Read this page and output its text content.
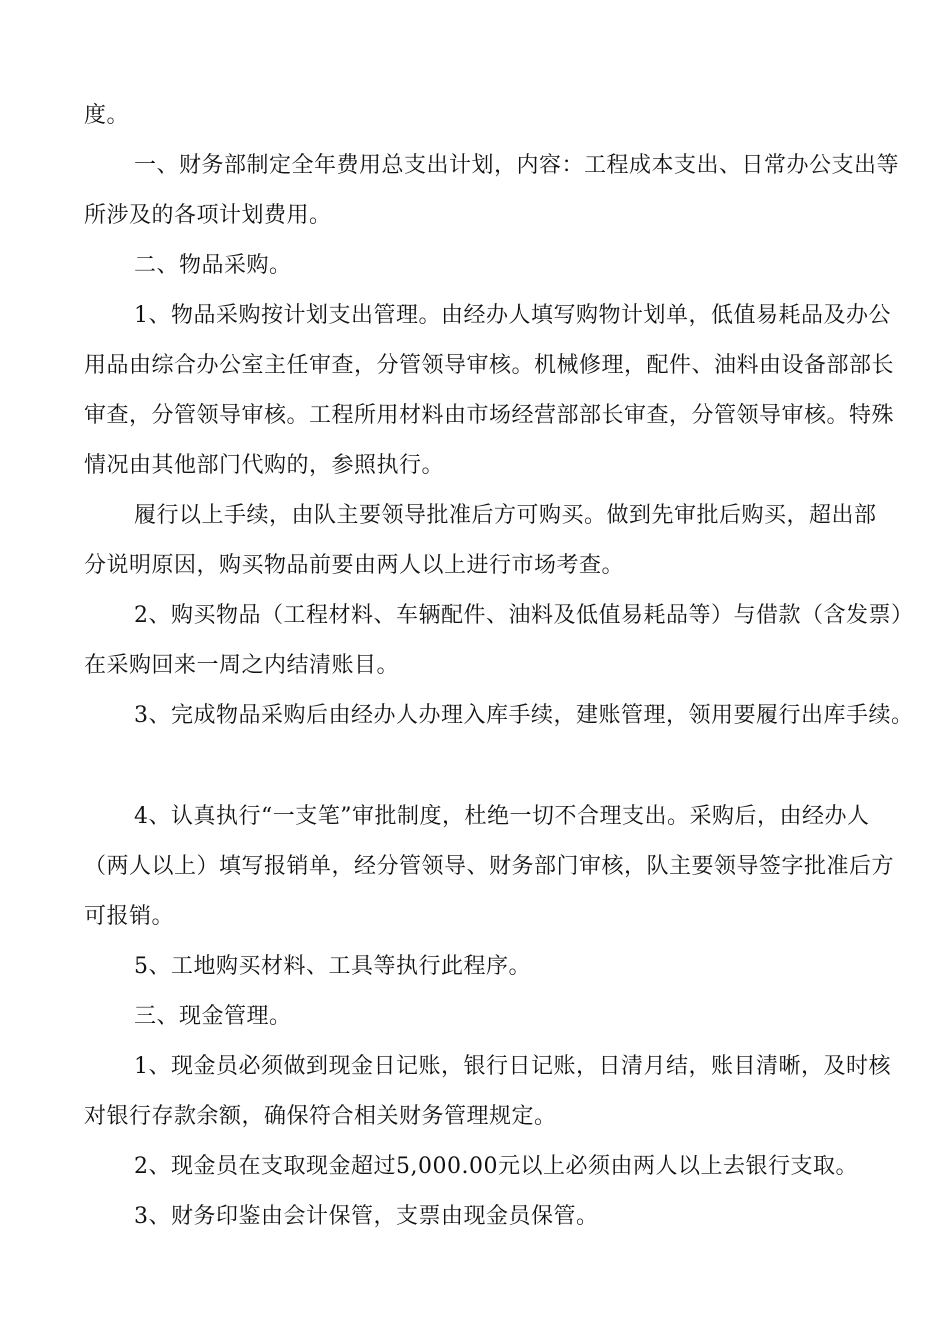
度。
一、财务部制定全年费用总支出计划，内容：工程成本支出、日常办公支出等
所涉及的各项计划费用。
二、物品采购。
1、物品采购按计划支出管理。由经办人填写购物计划单，低值易耗品及办公
用品由综合办公室主任审查，分管领导审核。机械修理，配件、油料由设备部部长
审查，分管领导审核。工程所用材料由市场经营部部长审查，分管领导审核。特殊
情况由其他部门代购的，参照执行。
履行以上手续，由队主要领导批准后方可购买。做到先审批后购买，超出部
分说明原因，购买物品前要由两人以上进行市场考查。
2、购买物品（工程材料、车辆配件、油料及低值易耗品等）与借款（含发票）
在采购回来一周之内结清账目。
3、完成物品采购后由经办人办理入库手续，建账管理，领用要履行出库手续。
4、认真执行“一支笔”审批制度，杜绝一切不合理支出。采购后，由经办人
（两人以上）填写报销单，经分管领导、财务部门审核，队主要领导签字批准后方
可报销。
5、工地购买材料、工具等执行此程序。
三、现金管理。
1、现金员必须做到现金日记账，银行日记账，日清月结，账目清晰，及时核
对银行存款余额，确保符合相关财务管理规定。
2、现金员在支取现金超过5,000.00元以上必须由两人以上去银行支取。
3、财务印鉴由会计保管，支票由现金员保管。
